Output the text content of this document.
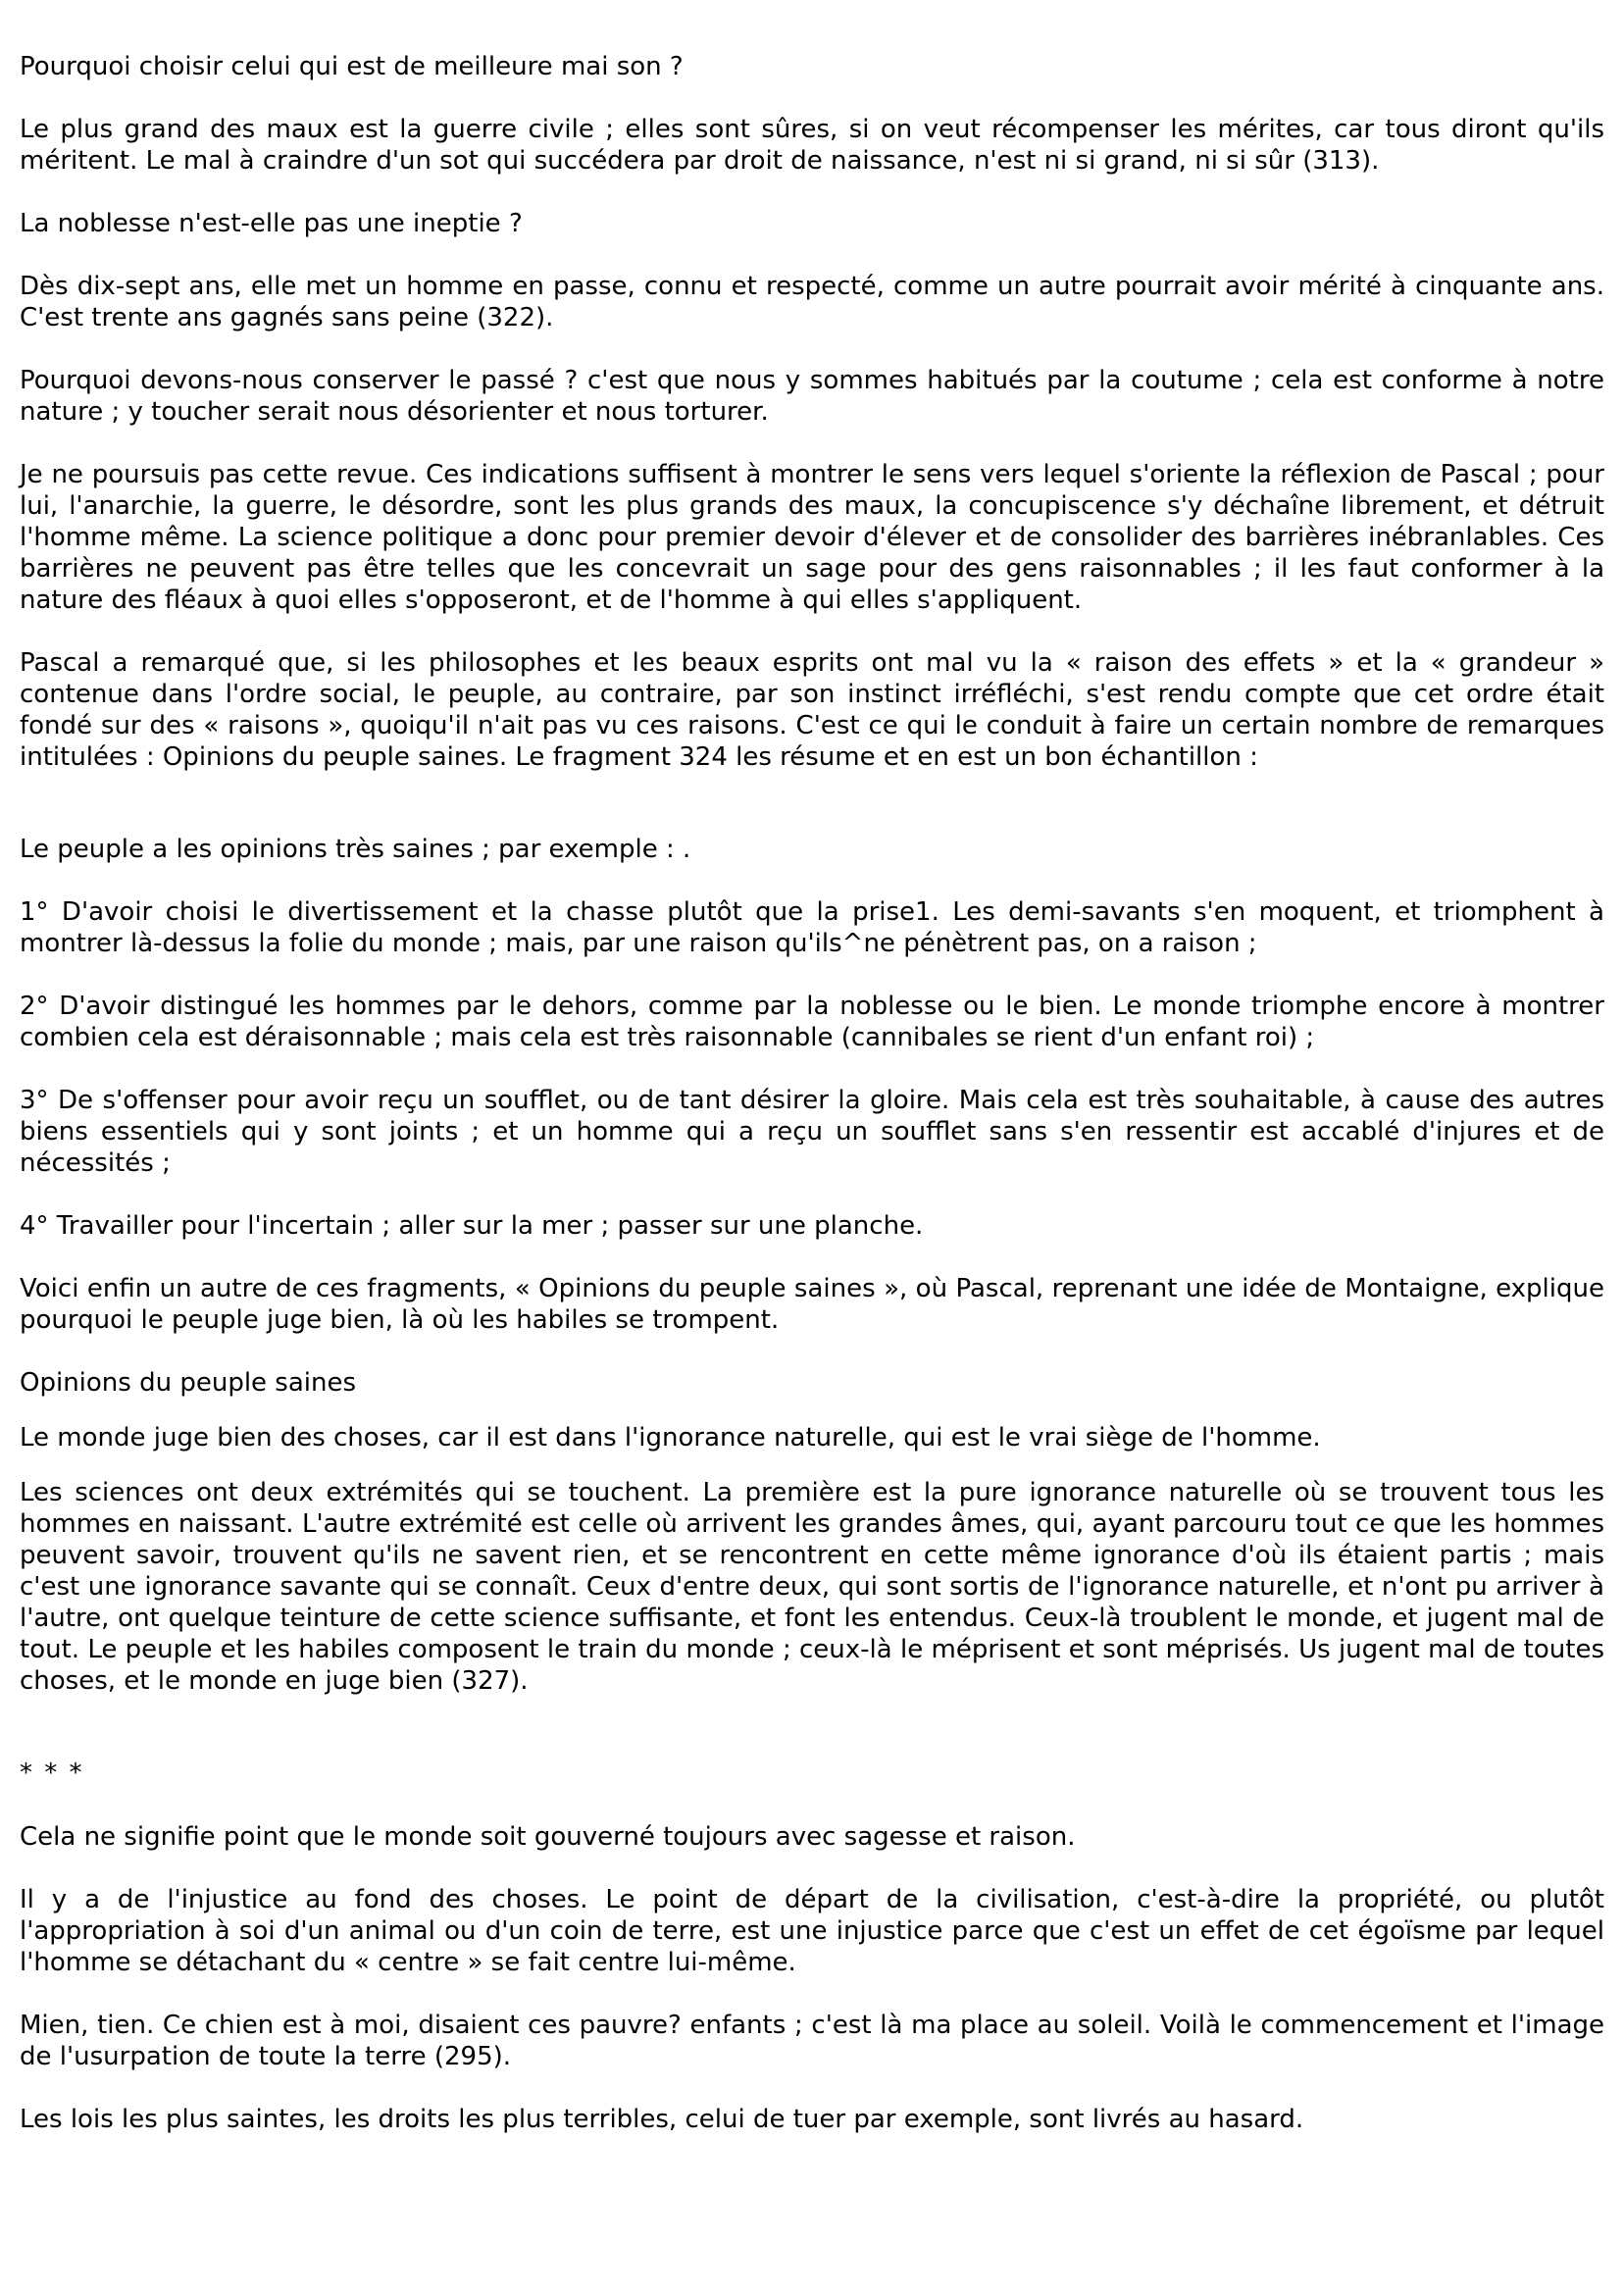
Pourquoi choisir celui qui est de meilleure mai son ?

Le plus grand des maux est la guerre civile ; elles sont sûres, si on veut récompenser les mérites, car tous diront qu'ils méritent. Le mal à craindre d'un sot qui succédera par droit de naissance, n'est ni si grand, ni si sûr (313).

La noblesse n'est-elle pas une ineptie ?

Dès dix-sept ans, elle met un homme en passe, connu et respecté, comme un autre pourrait avoir mérité à cinquante ans. C'est trente ans gagnés sans peine (322).

Pourquoi devons-nous conserver le passé ? c'est que nous y sommes habitués par la coutume ; cela est conforme à notre nature ; y toucher serait nous désorienter et nous torturer.

Je ne poursuis pas cette revue. Ces indications suffisent à montrer le sens vers lequel s'oriente la réflexion de Pascal ; pour lui, l'anarchie, la guerre, le désordre, sont les plus grands des maux, la concupiscence s'y déchaîne librement, et détruit l'homme même. La science politique a donc pour premier devoir d'élever et de consolider des barrières inébranlables. Ces barrières ne peuvent pas être telles que les concevrait un sage pour des gens raisonnables ; il les faut conformer à la nature des fléaux à quoi elles s'opposeront, et de l'homme à qui elles s'appliquent.

Pascal a remarqué que, si les philosophes et les beaux esprits ont mal vu la « raison des effets » et la « grandeur » contenue dans l'ordre social, le peuple, au contraire, par son instinct irréfléchi, s'est rendu compte que cet ordre était fondé sur des « raisons », quoiqu'il n'ait pas vu ces raisons. C'est ce qui le conduit à faire un certain nombre de remarques intitulées : Opinions du peuple saines. Le fragment 324 les résume et en est un bon échantillon :

Le peuple a les opinions très saines ; par exemple : .

1° D'avoir choisi le divertissement et la chasse plutôt que la prise1. Les demi-savants s'en moquent, et triomphent à montrer là-dessus la folie du monde ; mais, par une raison qu'ils^ne pénètrent pas, on a raison ;

2° D'avoir distingué les hommes par le dehors, comme par la noblesse ou le bien. Le monde triomphe encore à montrer combien cela est déraisonnable ; mais cela est très raisonnable (cannibales se rient d'un enfant roi) ;

3° De s'offenser pour avoir reçu un soufflet, ou de tant désirer la gloire. Mais cela est très souhaitable, à cause des autres biens essentiels qui y sont joints ; et un homme qui a reçu un soufflet sans s'en ressentir est accablé d'injures et de nécessités ;

4° Travailler pour l'incertain ; aller sur la mer ; passer sur une planche.

Voici enfin un autre de ces fragments, « Opinions du peuple saines », où Pascal, reprenant une idée de Montaigne, explique pourquoi le peuple juge bien, là où les habiles se trompent.

Opinions du peuple saines

Le monde juge bien des choses, car il est dans l'ignorance naturelle, qui est le vrai siège de l'homme.

Les sciences ont deux extrémités qui se touchent. La première est la pure ignorance naturelle où se trouvent tous les hommes en naissant. L'autre extrémité est celle où arrivent les grandes âmes, qui, ayant parcouru tout ce que les hommes peuvent savoir, trouvent qu'ils ne savent rien, et se rencontrent en cette même ignorance d'où ils étaient partis ; mais c'est une ignorance savante qui se connaît. Ceux d'entre deux, qui sont sortis de l'ignorance naturelle, et n'ont pu arriver à l'autre, ont quelque teinture de cette science suffisante, et font les entendus. Ceux-là troublent le monde, et jugent mal de tout. Le peuple et les habiles composent le train du monde ; ceux-là le méprisent et sont méprisés. Us jugent mal de toutes choses, et le monde en juge bien (327).

* * *

Cela ne signifie point que le monde soit gouverné toujours avec sagesse et raison.

Il y a de l'injustice au fond des choses. Le point de départ de la civilisation, c'est-à-dire la propriété, ou plutôt l'appropriation à soi d'un animal ou d'un coin de terre, est une injustice parce que c'est un effet de cet égoïsme par lequel l'homme se détachant du « centre » se fait centre lui-même.

Mien, tien. Ce chien est à moi, disaient ces pauvre? enfants ; c'est là ma place au soleil. Voilà le commencement et l'image de l'usurpation de toute la terre (295).

Les lois les plus saintes, les droits les plus terribles, celui de tuer par exemple, sont livrés au hasard.
